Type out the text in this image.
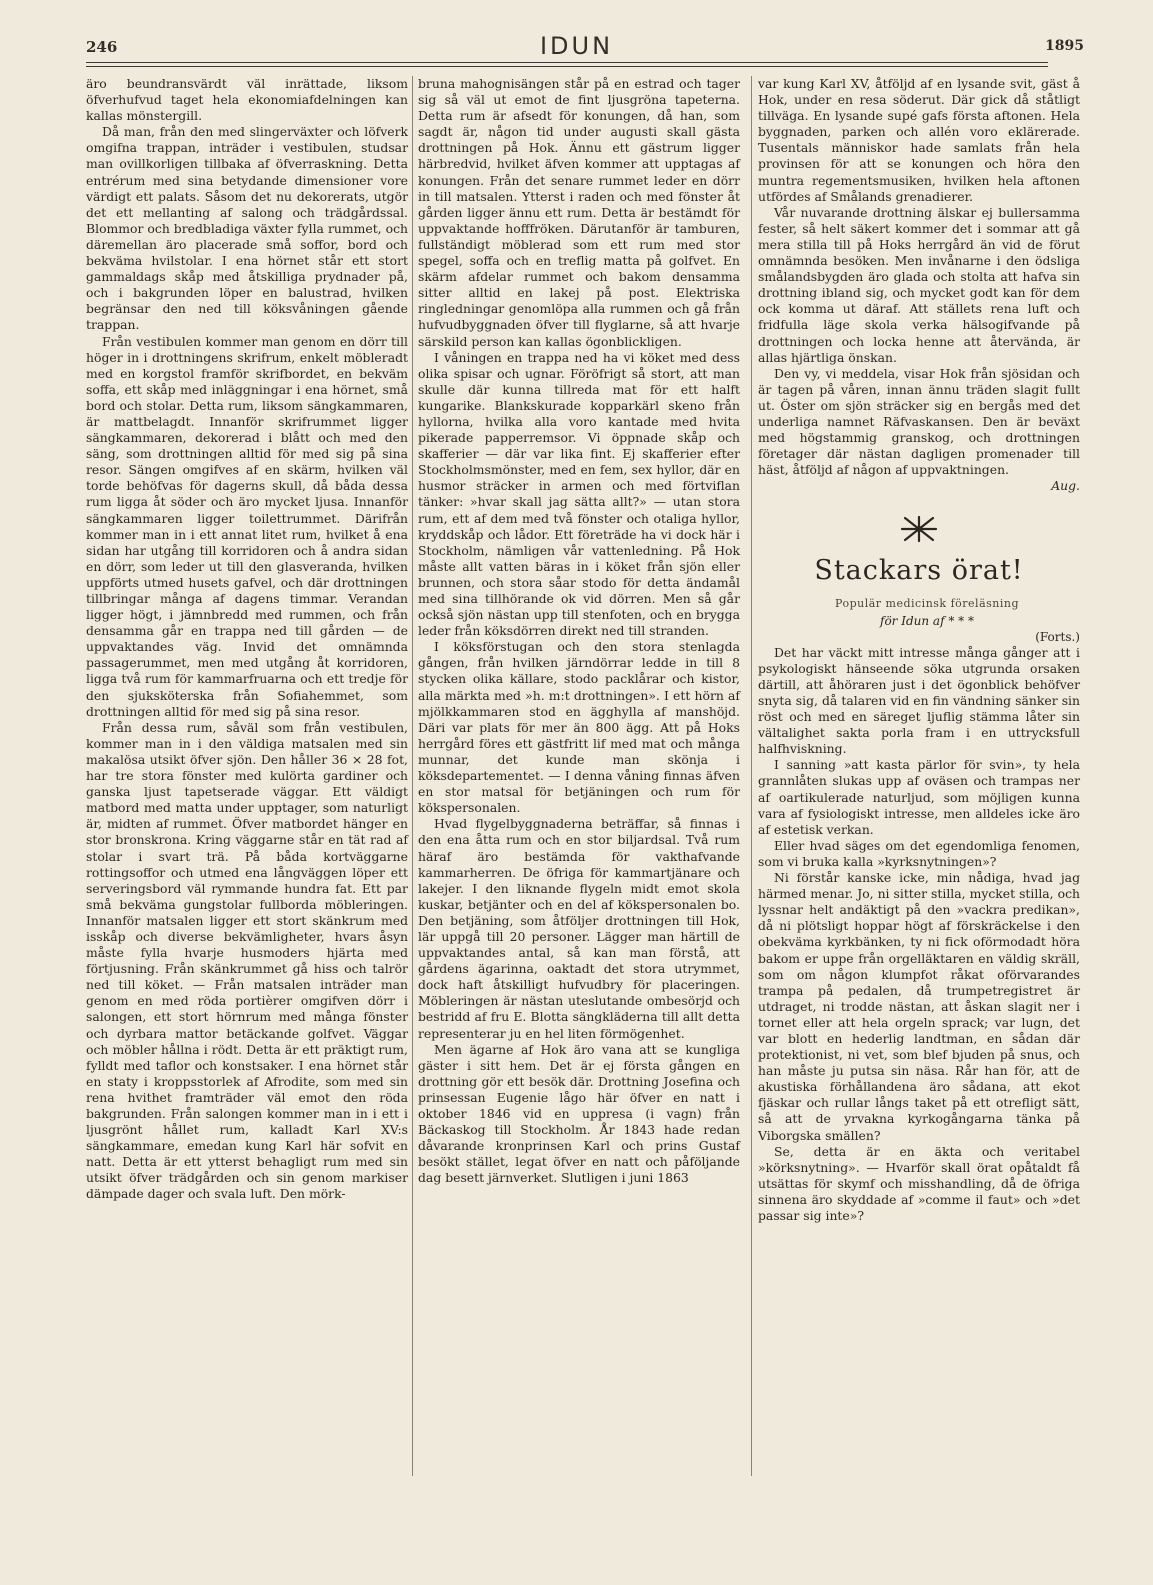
246	IDUN	1895

äro beundransvärdt väl inrättade, liksom öfverhufvud taget hela ekonomiafdelningen kan kallas mönstergill.

Då man, från den med slingerväxter och löfverk omgifna trappan, inträder i vestibulen, studsar man ovillkorligen tillbaka af öfverraskning. Detta entrérum med sina betydande dimensioner vore värdigt ett palats. Såsom det nu dekorerats, utgör det ett mellanting af salong och trädgårdssal. Blommor och bredbladiga växter fylla rummet, och däremellan äro placerade små soffor, bord och bekväma hvilstolar. I ena hörnet står ett stort gammaldags skåp med åtskilliga prydnader på, och i bakgrunden löper en balustrad, hvilken begränsar den ned till köksvåningen gående trappan.

Från vestibulen kommer man genom en dörr till höger in i drottningens skrifrum, enkelt möbleradt med en korgstol framför skrifbordet, en bekväm soffa, ett skåp med inläggningar i ena hörnet, små bord och stolar. Detta rum, liksom sängkammaren, är mattbelagdt. Innanför skrifrummet ligger sängkammaren, dekorerad i blått och med den säng, som drottningen alltid för med sig på sina resor. Sängen omgifves af en skärm, hvilken väl torde behöfvas för dagerns skull, då båda dessa rum ligga åt söder och äro mycket ljusa. Innanför sängkammaren ligger toilettrummet. Därifrån kommer man in i ett annat litet rum, hvilket å ena sidan har utgång till korridoren och å andra sidan en dörr, som leder ut till den glasveranda, hvilken uppförts utmed husets gafvel, och där drottningen tillbringar många af dagens timmar. Verandan ligger högt, i jämnbredd med rummen, och från densamma går en trappa ned till gården — de uppvaktandes väg. Invid det omnämnda passagerummet, men med utgång åt korridoren, ligga två rum för kammarfruarna och ett tredje för den sjuksköterska från Sofiahemmet, som drottningen alltid för med sig på sina resor.

Från dessa rum, såväl som från vestibulen, kommer man in i den väldiga matsalen med sin makalösa utsikt öfver sjön. Den håller 36 × 28 fot, har tre stora fönster med kulörta gardiner och ganska ljust tapetserade väggar. Ett väldigt matbord med matta under upptager, som naturligt är, midten af rummet. Öfver matbordet hänger en stor bronskrona. Kring väggarne står en tät rad af stolar i svart trä. På båda kortväggarne rottingsoffor och utmed ena långväggen löper ett serveringsbord väl rymmande hundra fat. Ett par små bekväma gungstolar fullborda möbleringen. Innanför matsalen ligger ett stort skänkrum med isskåp och diverse bekvämligheter, hvars åsyn måste fylla hvarje husmoders hjärta med förtjusning. Från skänkrummet gå hiss och talrör ned till köket. — Från matsalen inträder man genom en med röda portièrer omgifven dörr i salongen, ett stort hörnrum med många fönster och dyrbara mattor betäckande golfvet. Väggar och möbler hållna i rödt. Detta är ett präktigt rum, fylldt med taflor och konstsaker. I ena hörnet står en staty i kroppsstorlek af Afrodite, som med sin rena hvithet framträder väl emot den röda bakgrunden. Från salongen kommer man in i ett i ljusgrönt hållet rum, kalladt Karl XV:s sängkammare, emedan kung Karl här sofvit en natt. Detta är ett ytterst behagligt rum med sin utsikt öfver trädgården och sin genom markiser dämpade dager och svala luft. Den mörk-

bruna mahognisängen står på en estrad och tager sig så väl ut emot de fint ljusgröna tapeterna. Detta rum är afsedt för konungen, då han, som sagdt är, någon tid under augusti skall gästa drottningen på Hok. Ännu ett gästrum ligger härbredvid, hvilket äfven kommer att upptagas af konungen. Från det senare rummet leder en dörr in till matsalen. Ytterst i raden och med fönster åt gården ligger ännu ett rum. Detta är bestämdt för uppvaktande hofffröken. Därutanför är tamburen, fullständigt möblerad som ett rum med stor spegel, soffa och en treflig matta på golfvet. En skärm afdelar rummet och bakom densamma sitter alltid en lakej på post. Elektriska ringledningar genomlöpa alla rummen och gå från hufvudbyggnaden öfver till flyglarne, så att hvarje särskild person kan kallas ögonblickligen.

I våningen en trappa ned ha vi köket med dess olika spisar och ugnar. Föröfrigt så stort, att man skulle där kunna tillreda mat för ett halft kungarike. Blankskurade kopparkärl skeno från hyllorna, hvilka alla voro kantade med hvita pikerade papperremsor. Vi öppnade skåp och skafferier — där var lika fint. Ej skafferier efter Stockholmsmönster, med en fem, sex hyllor, där en husmor sträcker in armen och med förtviflan tänker: »hvar skall jag sätta allt?» — utan stora rum, ett af dem med två fönster och otaliga hyllor, kryddskåp och lådor. Ett företräde ha vi dock här i Stockholm, nämligen vår vattenledning. På Hok måste allt vatten bäras in i köket från sjön eller brunnen, och stora såar stodo för detta ändamål med sina tillhörande ok vid dörren. Men så går också sjön nästan upp till stenfoten, och en brygga leder från köksdörren direkt ned till stranden.

I köksförstugan och den stora stenlagda gången, från hvilken järndörrar ledde in till 8 stycken olika källare, stodo packlårar och kistor, alla märkta med »h. m:t drottningen». I ett hörn af mjölkkammaren stod en ägghylla af manshöjd. Däri var plats för mer än 800 ägg. Att på Hoks herrgård föres ett gästfritt lif med mat och många munnar, det kunde man skönja i köksdepartementet. — I denna våning finnas äfven en stor matsal för betjäningen och rum för kökspersonalen.

Hvad flygelbyggnaderna beträffar, så finnas i den ena åtta rum och en stor biljardsal. Två rum häraf äro bestämda för vakthafvande kammarherren. De öfriga för kammartjänare och lakejer. I den liknande flygeln midt emot skola kuskar, betjänter och en del af kökspersonalen bo. Den betjäning, som åtföljer drottningen till Hok, lär uppgå till 20 personer. Lägger man härtill de uppvaktandes antal, så kan man förstå, att gårdens ägarinna, oaktadt det stora utrymmet, dock haft åtskilligt hufvudbry för placeringen. Möbleringen är nästan uteslutande ombesörjd och bestridd af fru E. Blotta sängkläderna till allt detta representerar ju en hel liten förmögenhet.

Men ägarne af Hok äro vana att se kungliga gäster i sitt hem. Det är ej första gången en drottning gör ett besök där. Drottning Josefina och prinsessan Eugenie lågo här öfver en natt i oktober 1846 vid en uppresa (i vagn) från Bäckaskog till Stockholm. År 1843 hade redan dåvarande kronprinsen Karl och prins Gustaf besökt stället, legat öfver en natt och påföljande dag besett järnverket. Slutligen i juni 1863

var kung Karl XV, åtföljd af en lysande svit, gäst å Hok, under en resa söderut. Där gick då ståtligt tillväga. En lysande supé gafs första aftonen. Hela byggnaden, parken och allén voro eklärerade. Tusentals människor hade samlats från hela provinsen för att se konungen och höra den muntra regementsmusiken, hvilken hela aftonen utfördes af Smålands grenadierer.

Vår nuvarande drottning älskar ej bullersamma fester, så helt säkert kommer det i sommar att gå mera stilla till på Hoks herrgård än vid de förut omnämnda besöken. Men invånarne i den ödsliga smålandsbygden äro glada och stolta att hafva sin drottning ibland sig, och mycket godt kan för dem ock komma ut däraf. Att ställets rena luft och fridfulla läge skola verka hälsogifvande på drottningen och locka henne att återvända, är allas hjärtliga önskan.

Den vy, vi meddela, visar Hok från sjösidan och är tagen på våren, innan ännu träden slagit fullt ut. Öster om sjön sträcker sig en bergås med det underliga namnet Räfvaskansen. Den är beväxt med högstammig granskog, och drottningen företager där nästan dagligen promenader till häst, åtföljd af någon af uppvaktningen.

Aug.

Stackars örat!

Populär medicinsk föreläsning

för Idun af * * *

(Forts.)

Det har väckt mitt intresse många gånger att i psykologiskt hänseende söka utgrunda orsaken därtill, att åhöraren just i det ögonblick behöfver snyta sig, då talaren vid en fin vändning sänker sin röst och med en säreget ljuflig stämma låter sin vältalighet sakta porla fram i en uttrycksfull halfhviskning.

I sanning »att kasta pärlor för svin», ty hela grannlåten slukas upp af oväsen och trampas ner af oartikulerade naturljud, som möjligen kunna vara af fysiologiskt intresse, men alldeles icke äro af estetisk verkan.

Eller hvad säges om det egendomliga fenomen, som vi bruka kalla »kyrksnytningen»?

Ni förstår kanske icke, min nådiga, hvad jag härmed menar. Jo, ni sitter stilla, mycket stilla, och lyssnar helt andäktigt på den »vackra predikan», då ni plötsligt hoppar högt af förskräckelse i den obekväma kyrkbänken, ty ni fick oförmodadt höra bakom er uppe från orgelläktaren en väldig skräll, som om någon klumpfot råkat oförvarandes trampa på pedalen, då trumpetregistret är utdraget, ni trodde nästan, att åskan slagit ner i tornet eller att hela orgeln sprack; var lugn, det var blott en hederlig landtman, en sådan där protektionist, ni vet, som blef bjuden på snus, och han måste ju putsa sin näsa. Rår han för, att de akustiska förhållandena äro sådana, att ekot fjäskar och rullar långs taket på ett otrefligt sätt, så att de yrvakna kyrkogångarna tänka på Viborgska smällen?

Se, detta är en äkta och veritabel »körksnytning». — Hvarför skall örat opåtaldt få utsättas för skymf och misshandling, då de öfriga sinnena äro skyddade af »comme il faut» och »det passar sig inte»?
